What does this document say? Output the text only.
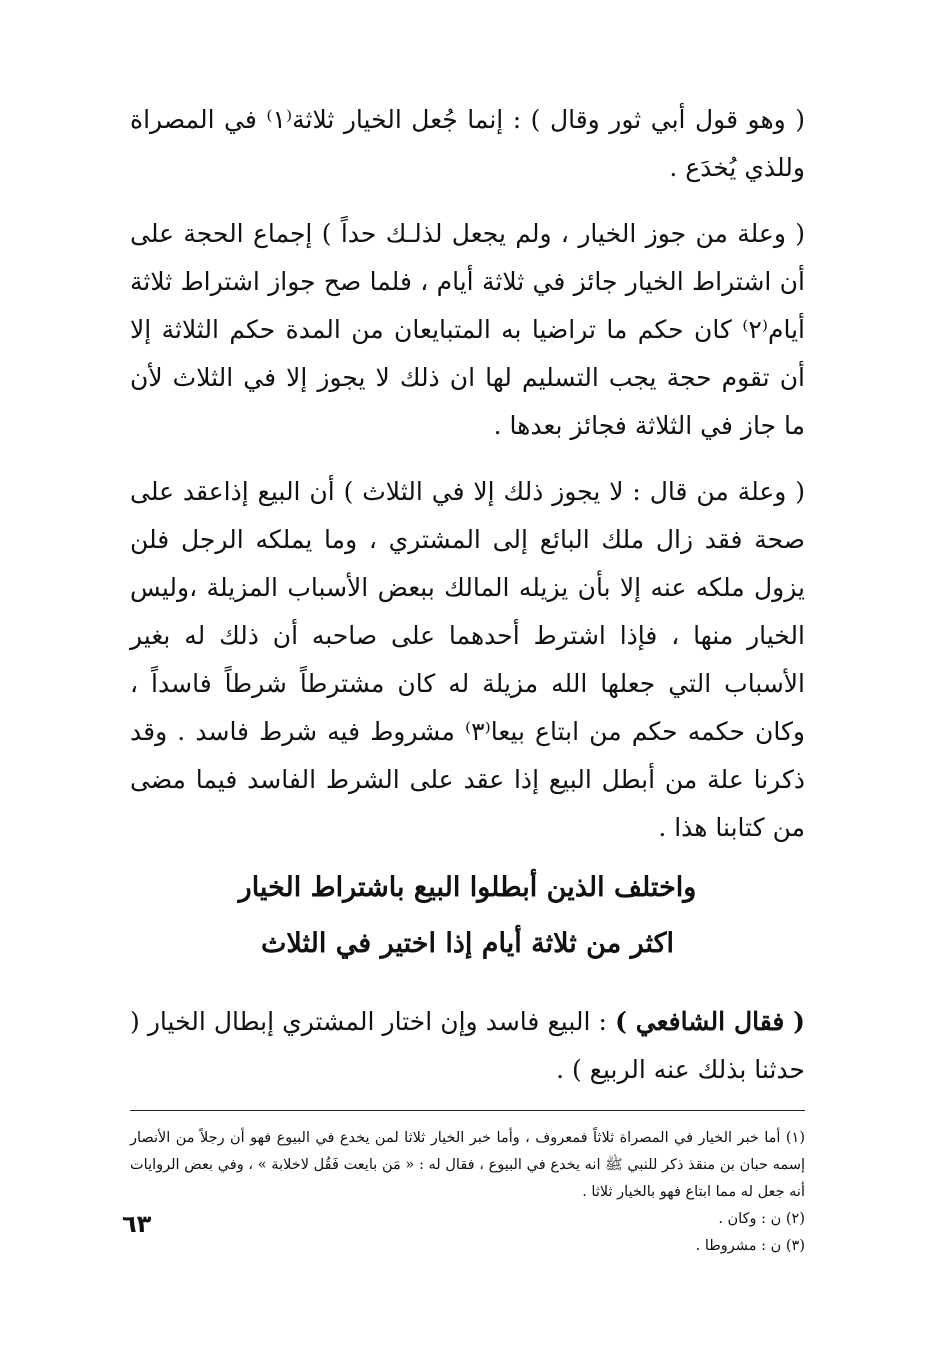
( وهو قول أبي ثور وقال ) : إنما جُعل الخيار ثلاثة⁽١⁾ في المصراة وللذي يُخدَع .

( وعلة من جوز الخيار ، ولم يجعل لذلـك حداً ) إجماع الحجة على أن اشتراط الخيار جائز في ثلاثة أيام ، فلما صح جواز اشتراط ثلاثة أيام⁽٢⁾ كان حكم ما تراضيا به المتبايعان من المدة حكم الثلاثة إلا أن تقوم حجة يجب التسليم لها ان ذلك لا يجوز إلا في الثلاث لأن ما جاز في الثلاثة فجائز بعدها .

( وعلة من قال : لا يجوز ذلك إلا في الثلاث ) أن البيع إذاعقد على صحة فقد زال ملك البائع إلى المشتري ، وما يملكه الرجل فلن يزول ملكه عنه إلا بأن يزيله المالك ببعض الأسباب المزيلة ،وليس الخيار منها ، فإذا اشترط أحدهما على صاحبه أن ذلك له بغير الأسباب التي جعلها الله مزيلة له كان مشترطاً شرطاً فاسداً ، وكان حكمه حكم من ابتاع بيعا⁽٣⁾ مشروط فيه شرط فاسد . وقد ذكرنا علة من أبطل البيع إذا عقد على الشرط الفاسد فيما مضى من كتابنا هذا .

واختلف الذين أبطلوا البيع باشتراط الخيار

اكثر من ثلاثة أيام إذا اختير في الثلاث

( فقال الشافعي ) : البيع فاسد وإن اختار المشتري إبطال الخيار ( حدثنا بذلك عنه الربيع ) .

(١) أما خبر الخيار في المصراة ثلاثاً فمعروف ، وأما خبر الخيار ثلاثا لمن يخدع في البيوع فهو أن رجلاً من الأنصار إسمه حبان بن منقذ ذكر للنبي ﷺ انه يخدع في البيوع ، فقال له : « مَن بايعت فَقُل لاخلابة » ، وفي بعض الروايات أنه جعل له مما ابتاع فهو بالخيار ثلاثا .

(٢) ن : وكان .

(٣) ن : مشروطا .

٦٣
